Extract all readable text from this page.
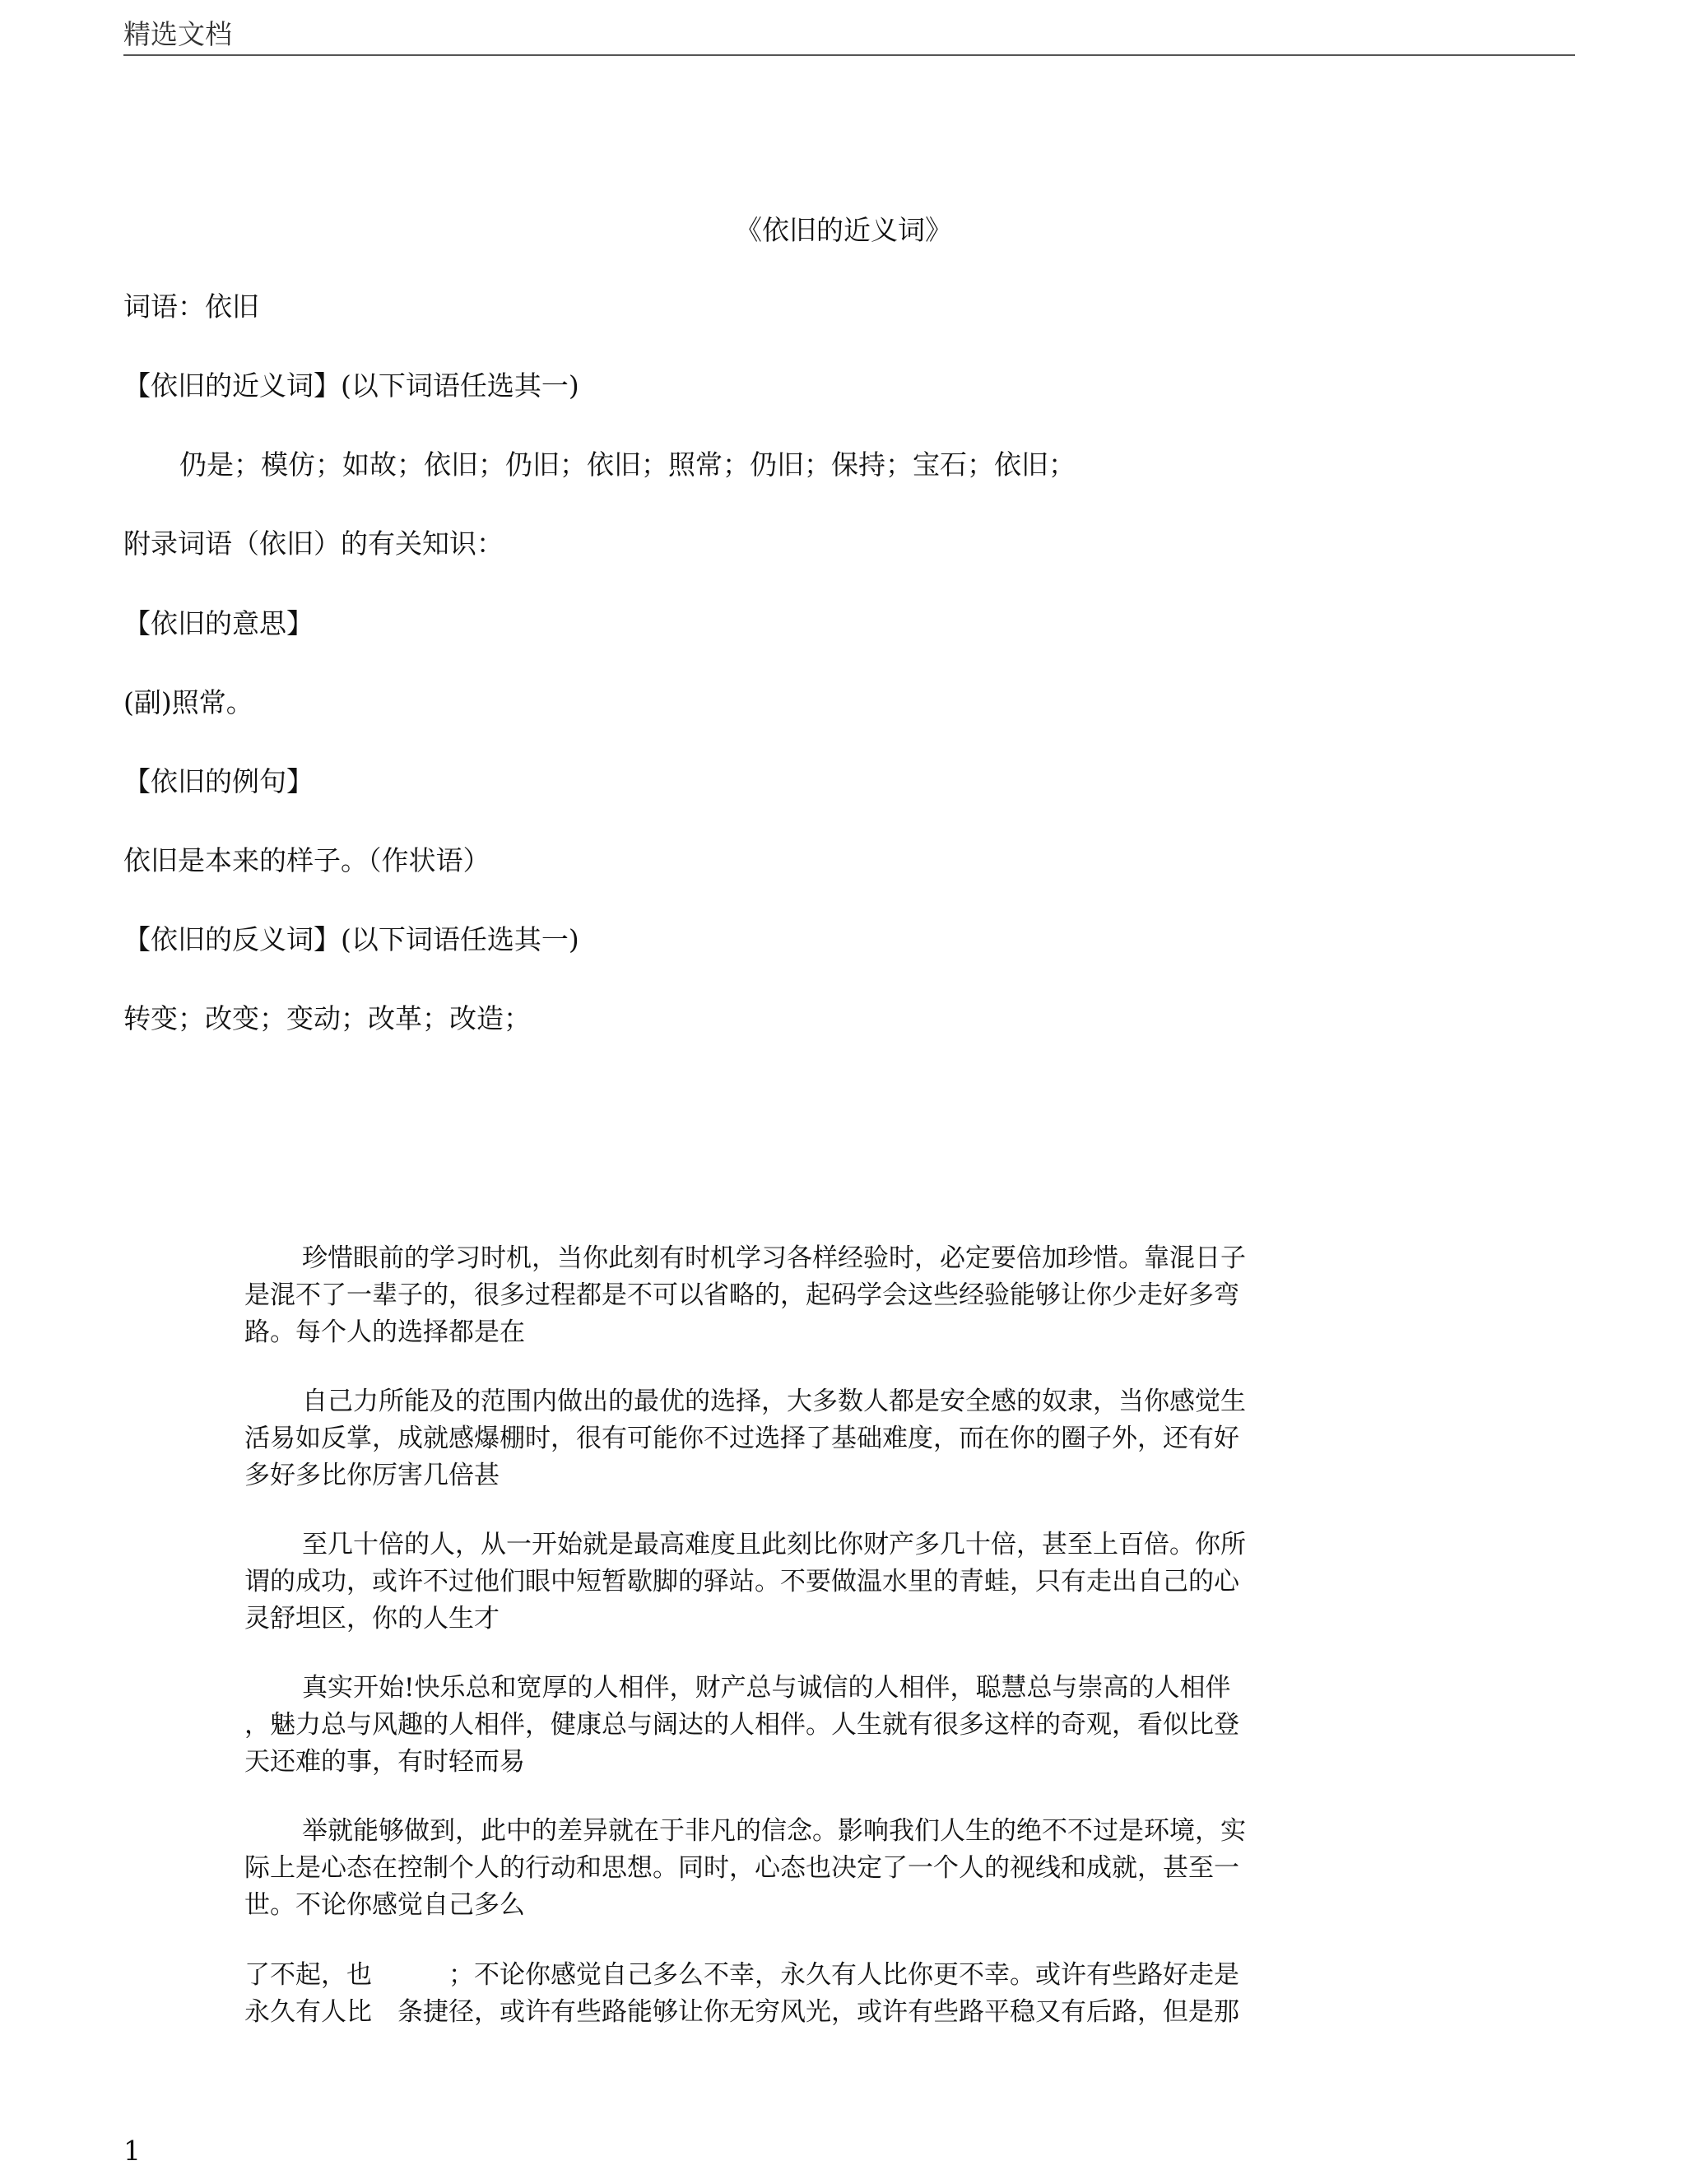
精选文档
《依旧的近义词》
词语：依旧
【依旧的近义词】(以下词语任选其一)
仍是；模仿；如故；依旧；仍旧；依旧；照常；仍旧；保持；宝石；依旧；
附录词语（依旧）的有关知识：
【依旧的意思】
(副)照常。
【依旧的例句】
依旧是本来的样子。（作状语）
【依旧的反义词】(以下词语任选其一)
转变；改变；变动；改革；改造；
珍惜眼前的学习时机，当你此刻有时机学习各样经验时，必定要倍加珍惜。靠混日子
是混不了一辈子的，很多过程都是不可以省略的，起码学会这些经验能够让你少走好多弯
路。每个人的选择都是在
自己力所能及的范围内做出的最优的选择，大多数人都是安全感的奴隶，当你感觉生
活易如反掌，成就感爆棚时，很有可能你不过选择了基础难度，而在你的圈子外，还有好
多好多比你厉害几倍甚
至几十倍的人，从一开始就是最高难度且此刻比你财产多几十倍，甚至上百倍。你所
谓的成功，或许不过他们眼中短暂歇脚的驿站。不要做温水里的青蛙，只有走出自己的心
灵舒坦区，你的人生才
真实开始!快乐总和宽厚的人相伴，财产总与诚信的人相伴，聪慧总与崇高的人相伴
，魅力总与风趣的人相伴，健康总与阔达的人相伴。人生就有很多这样的奇观，看似比登
天还难的事，有时轻而易
举就能够做到，此中的差异就在于非凡的信念。影响我们人生的绝不不过是环境，实
际上是心态在控制个人的行动和思想。同时，心态也决定了一个人的视线和成就，甚至一
世。不论你感觉自己多么
了不起，也　　　；不论你感觉自己多么不幸，永久有人比你更不幸。或许有些路好走是
永久有人比　条捷径，或许有些路能够让你无穷风光，或许有些路平稳又有后路，但是那
1
